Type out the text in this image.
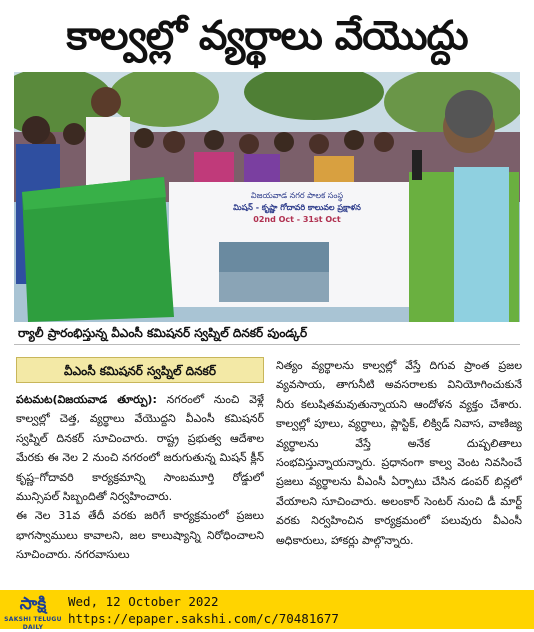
కాల్వల్లో వ్యర్థాలు వేయొద్దు
విజయవాడ నగర పాలక సంస్థ
మిషన్ - కృష్ణా గోదావరి కాలువల ప్రక్షాళన
02nd Oct - 31st Oct
ర్యాలీ ప్రారంభిస్తున్న వీఎంసీ కమిషనర్ స్వప్నిల్ దినకర్ పుండ్కర్
వీఎంసీ కమిషనర్ స్వప్నిల్ దినకర్

పటమట(విజయవాడ తూర్పు): నగరంలో నుంచి వెళ్లే కాల్వల్లో చెత్త, వ్యర్థాలు వేయొద్దని వీఎంసీ కమిషనర్ స్వప్నిల్ దినకర్ సూచించారు. రాష్ట్ర ప్రభుత్వ ఆదేశాల మేరకు ఈ నెల 2 నుంచి నగరంలో జరుగుతున్న మిషన్ క్లీన్ కృష్ణ–గోదావరి కార్యక్రమాన్ని సాంబమూర్తి రోడ్డులో మున్సిపల్ సిబ్బందితో నిర్వహించారు.

ఈ నెల 31వ తేదీ వరకు జరిగే కార్యక్రమంలో ప్రజలు భాగస్వాములు కావాలని, జల కాలుష్యాన్ని నిరోధించాలని సూచించారు. నగరవాసులు

నిత్యం వ్యర్థాలను కాల్వల్లో వేస్తే దిగువ ప్రాంత ప్రజల వ్యవసాయ, తాగునీటి అవసరాలకు వినియోగించుకునే నీరు కలుషితమవుతున్నాయని ఆందోళన వ్యక్తం చేశారు. కాల్వల్లో పూలు, వ్యర్థాలు, ప్లాస్టిక్, లిక్విడ్ నివాస, వాణిజ్య వ్యర్థాలను వేస్తే అనేక దుష్పలితాలు సంభవిస్తున్నాయన్నారు. ప్రధానంగా కాల్వ వెంట నివసించే ప్రజలు వ్యర్థాలను వీఎంసీ ఏర్పాటు చేసిన డంపర్ బిన్లలో వేయాలని సూచించారు. అలంకార్ సెంటర్ నుంచి డీ మార్ట్ వరకు నిర్వహించిన కార్యక్రమంలో పలువురు వీఎంసీ అధికారులు, హాకర్లు పాల్గొన్నారు.

సాక్షి
SAKSHI TELUGU DAILY
Wed, 12 October 2022
https://epaper.sakshi.com/c/70481677
